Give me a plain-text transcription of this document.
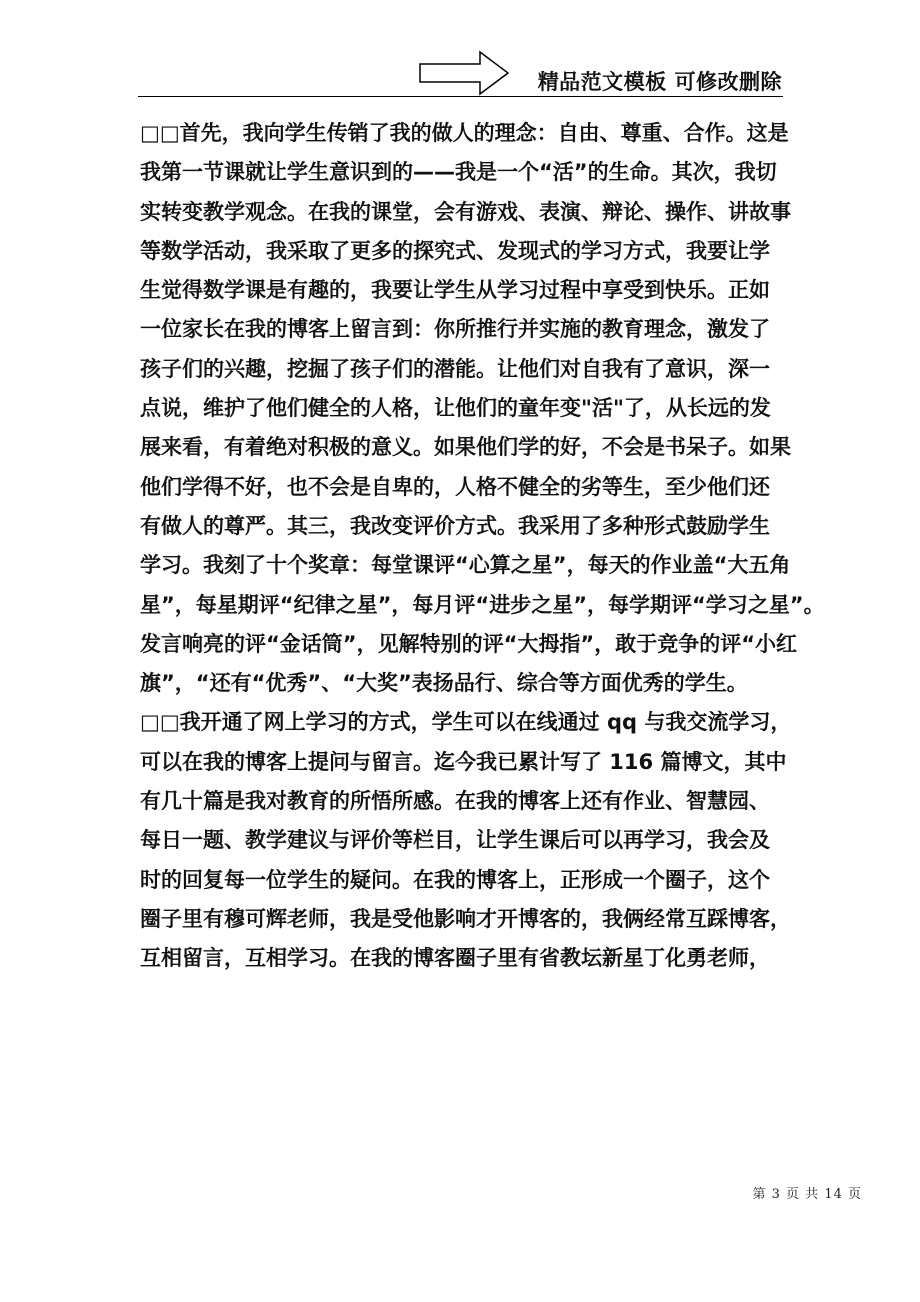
精品范文模板 可修改删除
□□首先，我向学生传销了我的做人的理念：自由、尊重、合作。这是
我第一节课就让学生意识到的——我是一个“活”的生命。其次，我切
实转变教学观念。在我的课堂，会有游戏、表演、辩论、操作、讲故事
等数学活动，我采取了更多的探究式、发现式的学习方式，我要让学
生觉得数学课是有趣的，我要让学生从学习过程中享受到快乐。正如
一位家长在我的博客上留言到：你所推行并实施的教育理念，激发了
孩子们的兴趣，挖掘了孩子们的潜能。让他们对自我有了意识，深一
点说，维护了他们健全的人格，让他们的童年变"活"了，从长远的发
展来看，有着绝对积极的意义。如果他们学的好，不会是书呆子。如果
他们学得不好，也不会是自卑的，人格不健全的劣等生，至少他们还
有做人的尊严。其三，我改变评价方式。我采用了多种形式鼓励学生
学习。我刻了十个奖章：每堂课评“心算之星”，每天的作业盖“大五角
星”，每星期评“纪律之星”，每月评“进步之星”，每学期评“学习之星”。
发言响亮的评“金话筒”，见解特别的评“大拇指”，敢于竞争的评“小红
旗”，“还有“优秀”、“大奖”表扬品行、综合等方面优秀的学生。
□□我开通了网上学习的方式，学生可以在线通过 qq 与我交流学习，
可以在我的博客上提问与留言。迄今我已累计写了 116 篇博文，其中
有几十篇是我对教育的所悟所感。在我的博客上还有作业、智慧园、
每日一题、教学建议与评价等栏目，让学生课后可以再学习，我会及
时的回复每一位学生的疑问。在我的博客上，正形成一个圈子，这个
圈子里有穆可辉老师，我是受他影响才开博客的，我俩经常互踩博客，
互相留言，互相学习。在我的博客圈子里有省教坛新星丁化勇老师，
第 3 页 共 14 页
